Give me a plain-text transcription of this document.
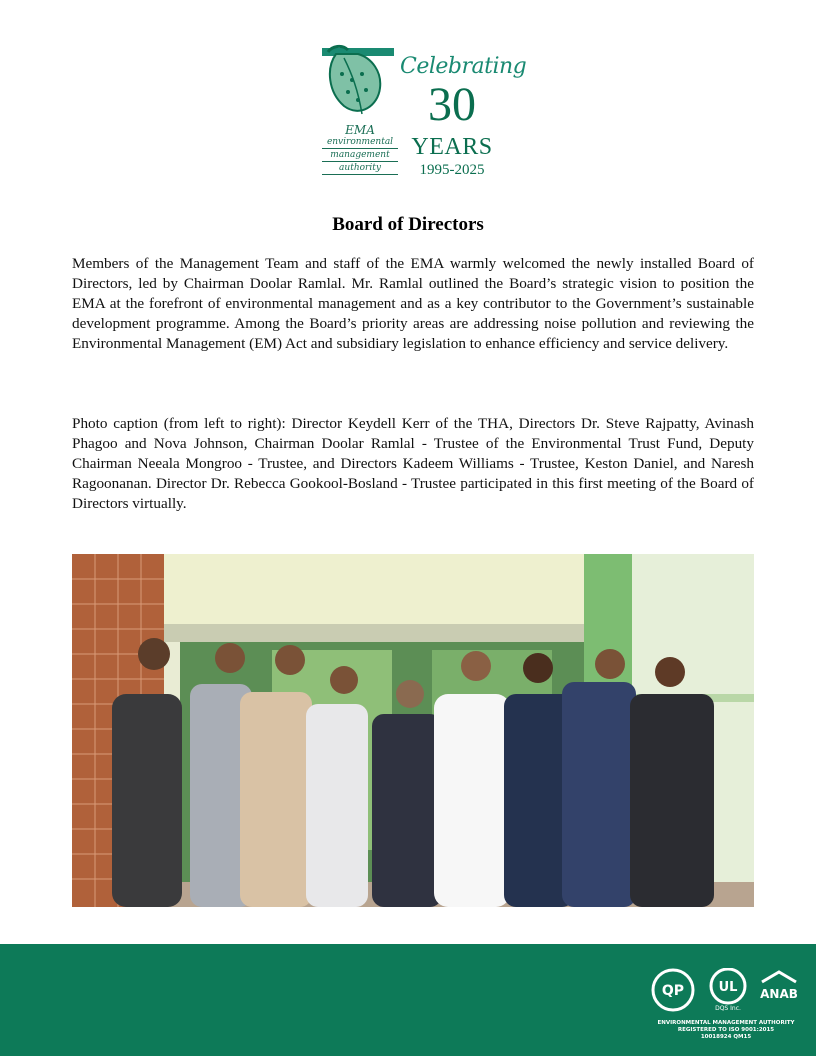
EMA
environmental
management
authority
Celebrating
30
YEARS
1995-2025
Board of Directors

Members of the Management Team and staff of the EMA warmly welcomed the newly installed Board of Directors, led by Chairman Doolar Ramlal. Mr. Ramlal outlined the Board’s strategic vision to position the EMA at the forefront of environmental management and as a key contributor to the Government’s sustainable development programme. Among the Board’s priority areas are addressing noise pollution and reviewing the Environmental Management (EM) Act and subsidiary legislation to enhance efficiency and service delivery.

Photo caption (from left to right): Director Keydell Kerr of the THA, Directors Dr. Steve Rajpatty, Avinash Phagoo and Nova Johnson, Chairman Doolar Ramlal - Trustee of the Environmental Trust Fund, Deputy Chairman Neeala Mongroo - Trustee, and Directors Kadeem Williams - Trustee, Keston Daniel, and Naresh Ragoonanan. Director Dr. Rebecca Gookool-Bosland - Trustee participated in this first meeting of the Board of Directors virtually.

QP	UL
DQS Inc.
ANAB
ENVIRONMENTAL MANAGEMENT AUTHORITY
REGISTERED TO ISO 9001:2015
10018924 QM15
